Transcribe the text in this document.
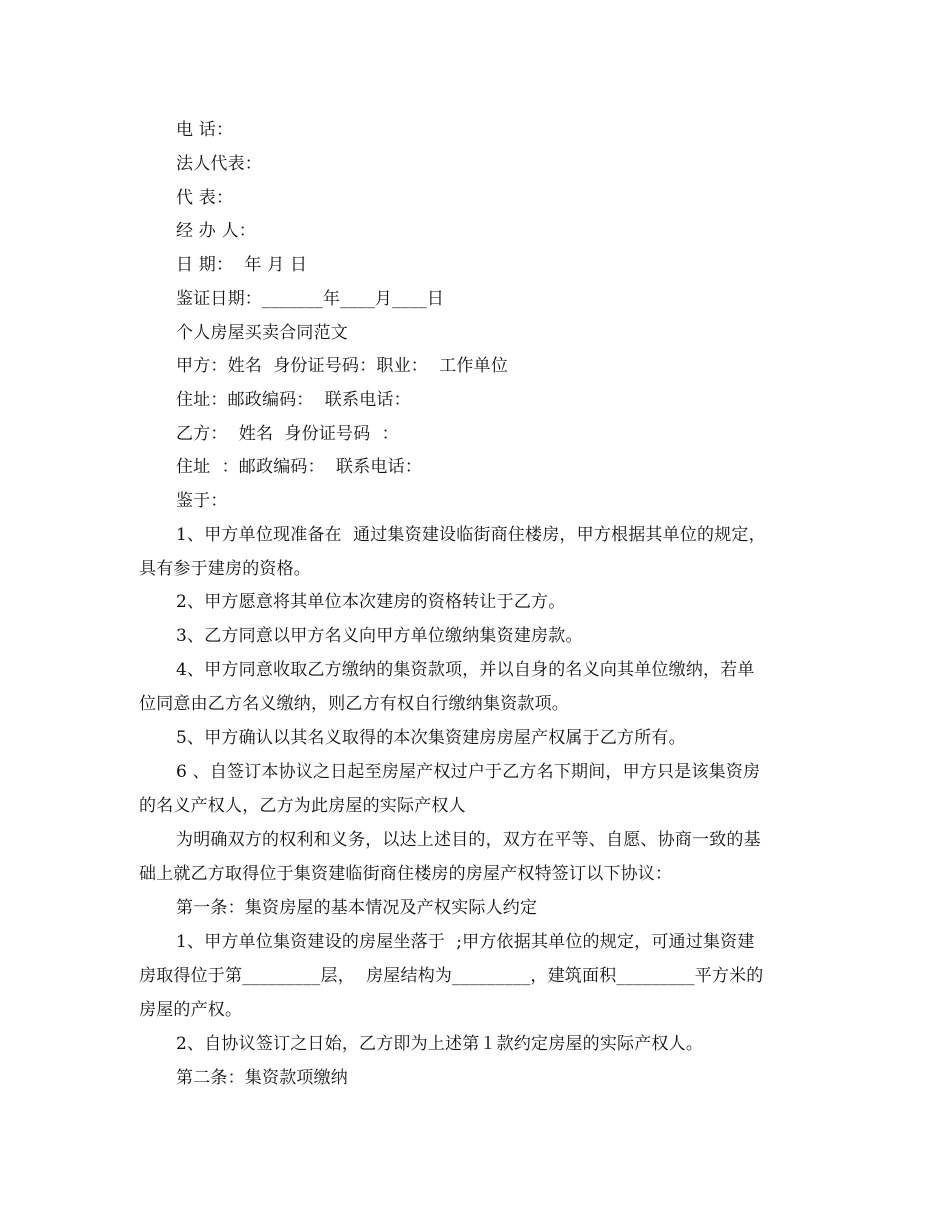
电 话：

法人代表：

代 表：

经 办 人：

日 期：  年 月 日

鉴证日期：_______年____月____日

个人房屋买卖合同范文

甲方：姓名  身份证号码：职业：  工作单位

住址：邮政编码：  联系电话：

乙方：  姓名  身份证号码  ：

住址  ：邮政编码：  联系电话：

鉴于：

1、甲方单位现准备在  通过集资建设临街商住楼房，甲方根据其单位的规定，

具有参于建房的资格。

2、甲方愿意将其单位本次建房的资格转让于乙方。

3、乙方同意以甲方名义向甲方单位缴纳集资建房款。

4、甲方同意收取乙方缴纳的集资款项，并以自身的名义向其单位缴纳，若单

位同意由乙方名义缴纳，则乙方有权自行缴纳集资款项。

5、甲方确认以其名义取得的本次集资建房房屋产权属于乙方所有。

6 、自签订本协议之日起至房屋产权过户于乙方名下期间，甲方只是该集资房

的名义产权人，乙方为此房屋的实际产权人

为明确双方的权利和义务，以达上述目的，双方在平等、自愿、协商一致的基

础上就乙方取得位于集资建临街商住楼房的房屋产权特签订以下协议：

第一条：集资房屋的基本情况及产权实际人约定

1、甲方单位集资建设的房屋坐落于  ;甲方依据其单位的规定，可通过集资建

房取得位于第_________层，  房屋结构为_________，建筑面积_________平方米的

房屋的产权。

2、自协议签订之日始，乙方即为上述第１款约定房屋的实际产权人。

第二条：集资款项缴纳
